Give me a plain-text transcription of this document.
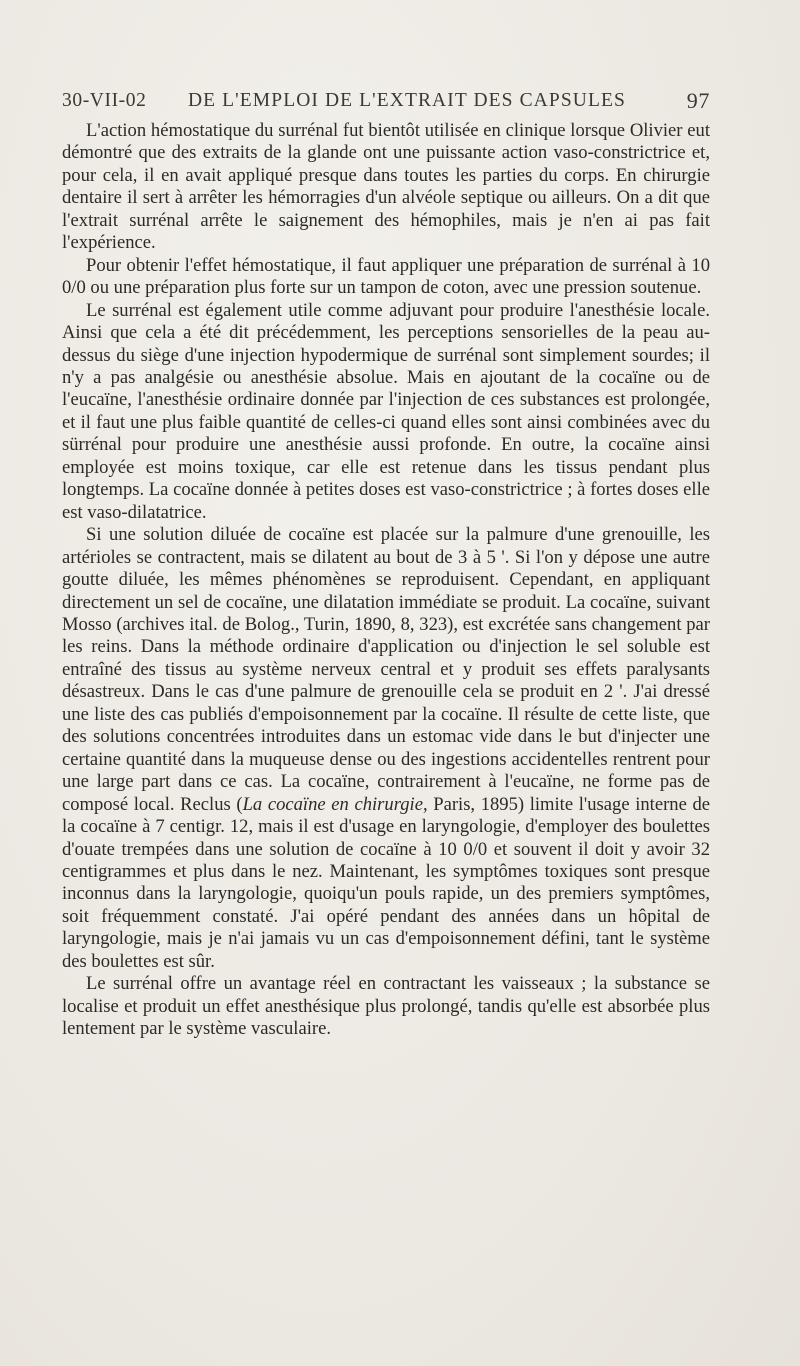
30-VII-02 DE L'EMPLOI DE L'EXTRAIT DES CAPSULES	97

L'action hémostatique du surrénal fut bientôt utilisée en clinique lorsque Olivier eut démontré que des extraits de la glande ont une puissante action vaso-constrictrice et, pour cela, il en avait appliqué presque dans toutes les parties du corps. En chirurgie dentaire il sert à arrêter les hémorragies d'un alvéole septique ou ailleurs. On a dit que l'extrait surrénal arrête le saignement des hémophiles, mais je n'en ai pas fait l'expérience.

Pour obtenir l'effet hémostatique, il faut appliquer une préparation de surrénal à 10 0/0 ou une préparation plus forte sur un tampon de coton, avec une pression soutenue.

Le surrénal est également utile comme adjuvant pour produire l'anesthésie locale. Ainsi que cela a été dit précédemment, les perceptions sensorielles de la peau au-dessus du siège d'une injection hypodermique de surrénal sont simplement sourdes; il n'y a pas analgésie ou anesthésie absolue. Mais en ajoutant de la cocaïne ou de l'eucaïne, l'anesthésie ordinaire donnée par l'injection de ces substances est prolongée, et il faut une plus faible quantité de celles-ci quand elles sont ainsi combinées avec du sürrénal pour produire une anesthésie aussi profonde. En outre, la cocaïne ainsi employée est moins toxique, car elle est retenue dans les tissus pendant plus longtemps. La cocaïne donnée à petites doses est vaso-constrictrice ; à fortes doses elle est vaso-dilatatrice.

Si une solution diluée de cocaïne est placée sur la palmure d'une grenouille, les artérioles se contractent, mais se dilatent au bout de 3 à 5 '. Si l'on y dépose une autre goutte diluée, les mêmes phénomènes se reproduisent. Cependant, en appliquant directement un sel de cocaïne, une dilatation immédiate se produit. La cocaïne, suivant Mosso (archives ital. de Bolog., Turin, 1890, 8, 323), est excrétée sans changement par les reins. Dans la méthode ordinaire d'application ou d'injection le sel soluble est entraîné des tissus au système nerveux central et y produit ses effets paralysants désastreux. Dans le cas d'une palmure de grenouille cela se produit en 2 '. J'ai dressé une liste des cas publiés d'empoisonnement par la cocaïne. Il résulte de cette liste, que des solutions concentrées introduites dans un estomac vide dans le but d'injecter une certaine quantité dans la muqueuse dense ou des ingestions accidentelles rentrent pour une large part dans ce cas. La cocaïne, contrairement à l'eucaïne, ne forme pas de composé local. Reclus (La cocaïne en chirurgie, Paris, 1895) limite l'usage interne de la cocaïne à 7 centigr. 12, mais il est d'usage en laryngologie, d'employer des boulettes d'ouate trempées dans une solution de cocaïne à 10 0/0 et souvent il doit y avoir 32 centigrammes et plus dans le nez. Maintenant, les symptômes toxiques sont presque inconnus dans la laryngologie, quoiqu'un pouls rapide, un des premiers symptômes, soit fréquemment constaté. J'ai opéré pendant des années dans un hôpital de laryngologie, mais je n'ai jamais vu un cas d'empoisonnement défini, tant le système des boulettes est sûr.

Le surrénal offre un avantage réel en contractant les vaisseaux ; la substance se localise et produit un effet anesthésique plus prolongé, tandis qu'elle est absorbée plus lentement par le système vasculaire.
